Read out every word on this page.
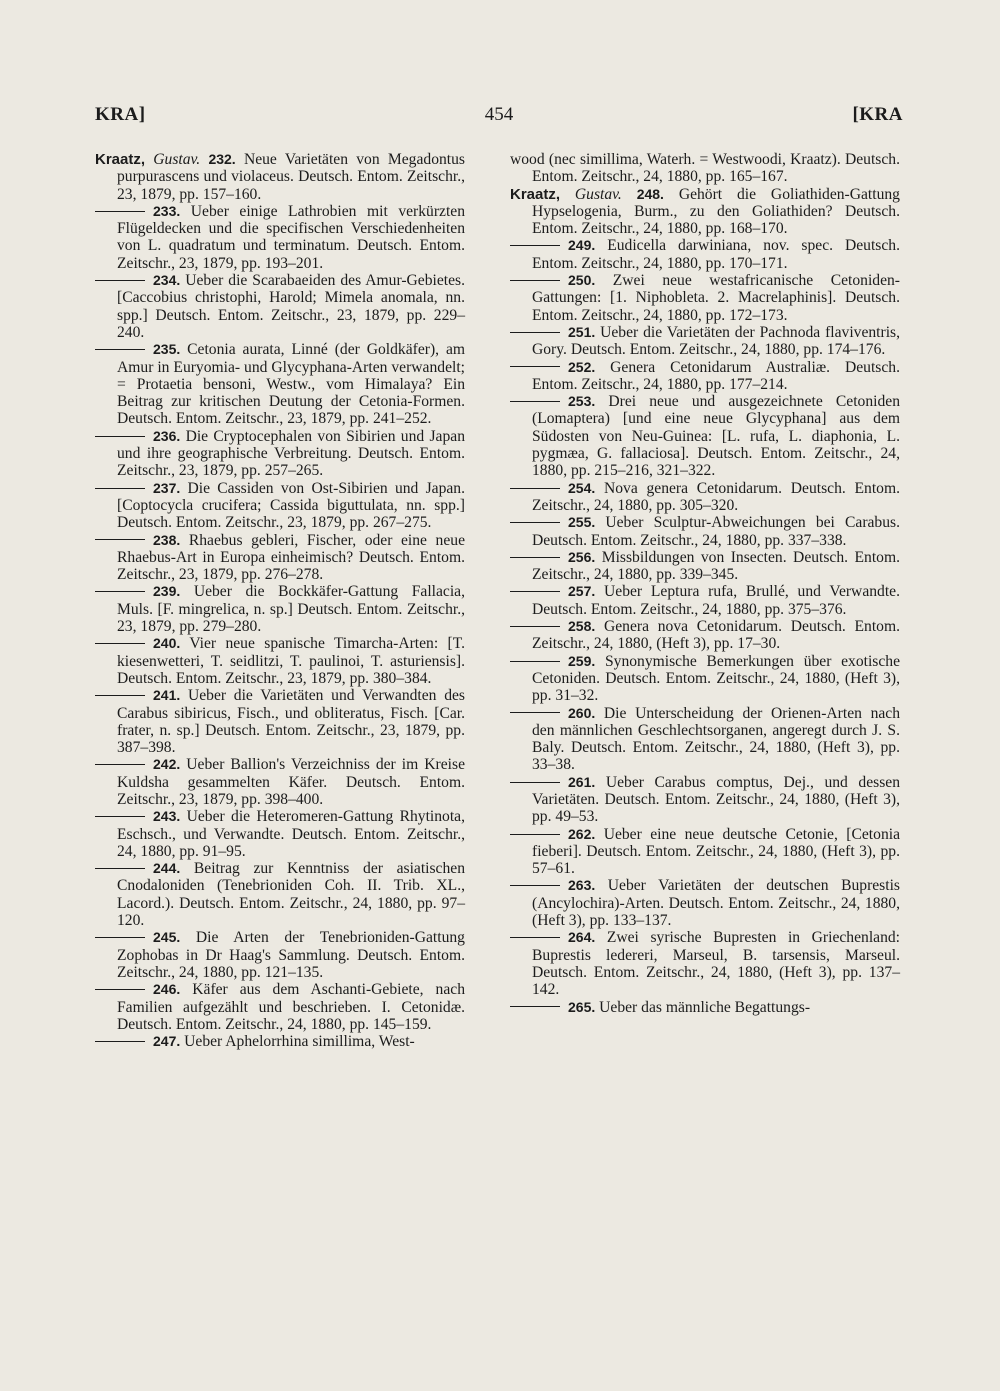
KRA]	454	[KRA

Kraatz, Gustav. 232. Neue Varietäten von Megadontus purpurascens und violaceus. Deutsch. Entom. Zeitschr., 23, 1879, pp. 157–160.

233. Ueber einige Lathrobien mit verkürzten Flügeldecken und die specifischen Verschiedenheiten von L. quadratum und terminatum. Deutsch. Entom. Zeitschr., 23, 1879, pp. 193–201.

234. Ueber die Scarabaeiden des Amur-Gebietes. [Caccobius christophi, Harold; Mimela anomala, nn. spp.] Deutsch. Entom. Zeitschr., 23, 1879, pp. 229–240.

235. Cetonia aurata, Linné (der Goldkäfer), am Amur in Euryomia- und Glycyphana-Arten verwandelt; = Protaetia bensoni, Westw., vom Himalaya? Ein Beitrag zur kritischen Deutung der Cetonia-Formen. Deutsch. Entom. Zeitschr., 23, 1879, pp. 241–252.

236. Die Cryptocephalen von Sibirien und Japan und ihre geographische Verbreitung. Deutsch. Entom. Zeitschr., 23, 1879, pp. 257–265.

237. Die Cassiden von Ost-Sibirien und Japan. [Coptocycla crucifera; Cassida biguttulata, nn. spp.] Deutsch. Entom. Zeitschr., 23, 1879, pp. 267–275.

238. Rhaebus gebleri, Fischer, oder eine neue Rhaebus-Art in Europa einheimisch? Deutsch. Entom. Zeitschr., 23, 1879, pp. 276–278.

239. Ueber die Bockkäfer-Gattung Fallacia, Muls. [F. mingrelica, n. sp.] Deutsch. Entom. Zeitschr., 23, 1879, pp. 279–280.

240. Vier neue spanische Timarcha-Arten: [T. kiesenwetteri, T. seidlitzi, T. paulinoi, T. asturiensis]. Deutsch. Entom. Zeitschr., 23, 1879, pp. 380–384.

241. Ueber die Varietäten und Verwandten des Carabus sibiricus, Fisch., und obliteratus, Fisch. [Car. frater, n. sp.] Deutsch. Entom. Zeitschr., 23, 1879, pp. 387–398.

242. Ueber Ballion's Verzeichniss der im Kreise Kuldsha gesammelten Käfer. Deutsch. Entom. Zeitschr., 23, 1879, pp. 398–400.

243. Ueber die Heteromeren-Gattung Rhytinota, Eschsch., und Verwandte. Deutsch. Entom. Zeitschr., 24, 1880, pp. 91–95.

244. Beitrag zur Kenntniss der asiatischen Cnodaloniden (Tenebrioniden Coh. II. Trib. XL., Lacord.). Deutsch. Entom. Zeitschr., 24, 1880, pp. 97–120.

245. Die Arten der Tenebrioniden-Gattung Zophobas in Dr Haag's Sammlung. Deutsch. Entom. Zeitschr., 24, 1880, pp. 121–135.

246. Käfer aus dem Aschanti-Gebiete, nach Familien aufgezählt und beschrieben. I. Cetonidæ. Deutsch. Entom. Zeitschr., 24, 1880, pp. 145–159.

247. Ueber Aphelorrhina simillima, West-

wood (nec simillima, Waterh. = Westwoodi, Kraatz). Deutsch. Entom. Zeitschr., 24, 1880, pp. 165–167.

Kraatz, Gustav. 248. Gehört die Goliathiden-Gattung Hypselogenia, Burm., zu den Goliathiden? Deutsch. Entom. Zeitschr., 24, 1880, pp. 168–170.

249. Eudicella darwiniana, nov. spec. Deutsch. Entom. Zeitschr., 24, 1880, pp. 170–171.

250. Zwei neue westafricanische Cetoniden-Gattungen: [1. Niphobleta. 2. Macrelaphinis]. Deutsch. Entom. Zeitschr., 24, 1880, pp. 172–173.

251. Ueber die Varietäten der Pachnoda flaviventris, Gory. Deutsch. Entom. Zeitschr., 24, 1880, pp. 174–176.

252. Genera Cetonidarum Australiæ. Deutsch. Entom. Zeitschr., 24, 1880, pp. 177–214.

253. Drei neue und ausgezeichnete Cetoniden (Lomaptera) [und eine neue Glycyphana] aus dem Südosten von Neu-Guinea: [L. rufa, L. diaphonia, L. pygmæa, G. fallaciosa]. Deutsch. Entom. Zeitschr., 24, 1880, pp. 215–216, 321–322.

254. Nova genera Cetonidarum. Deutsch. Entom. Zeitschr., 24, 1880, pp. 305–320.

255. Ueber Sculptur-Abweichungen bei Carabus. Deutsch. Entom. Zeitschr., 24, 1880, pp. 337–338.

256. Missbildungen von Insecten. Deutsch. Entom. Zeitschr., 24, 1880, pp. 339–345.

257. Ueber Leptura rufa, Brullé, und Verwandte. Deutsch. Entom. Zeitschr., 24, 1880, pp. 375–376.

258. Genera nova Cetonidarum. Deutsch. Entom. Zeitschr., 24, 1880, (Heft 3), pp. 17–30.

259. Synonymische Bemerkungen über exotische Cetoniden. Deutsch. Entom. Zeitschr., 24, 1880, (Heft 3), pp. 31–32.

260. Die Unterscheidung der Orienen-Arten nach den männlichen Geschlechtsorganen, angeregt durch J. S. Baly. Deutsch. Entom. Zeitschr., 24, 1880, (Heft 3), pp. 33–38.

261. Ueber Carabus comptus, Dej., und dessen Varietäten. Deutsch. Entom. Zeitschr., 24, 1880, (Heft 3), pp. 49–53.

262. Ueber eine neue deutsche Cetonie, [Cetonia fieberi]. Deutsch. Entom. Zeitschr., 24, 1880, (Heft 3), pp. 57–61.

263. Ueber Varietäten der deutschen Buprestis (Ancylochira)-Arten. Deutsch. Entom. Zeitschr., 24, 1880, (Heft 3), pp. 133–137.

264. Zwei syrische Bupresten in Griechenland: Buprestis ledereri, Marseul, B. tarsensis, Marseul. Deutsch. Entom. Zeitschr., 24, 1880, (Heft 3), pp. 137–142.

265. Ueber das männliche Begattungs-
